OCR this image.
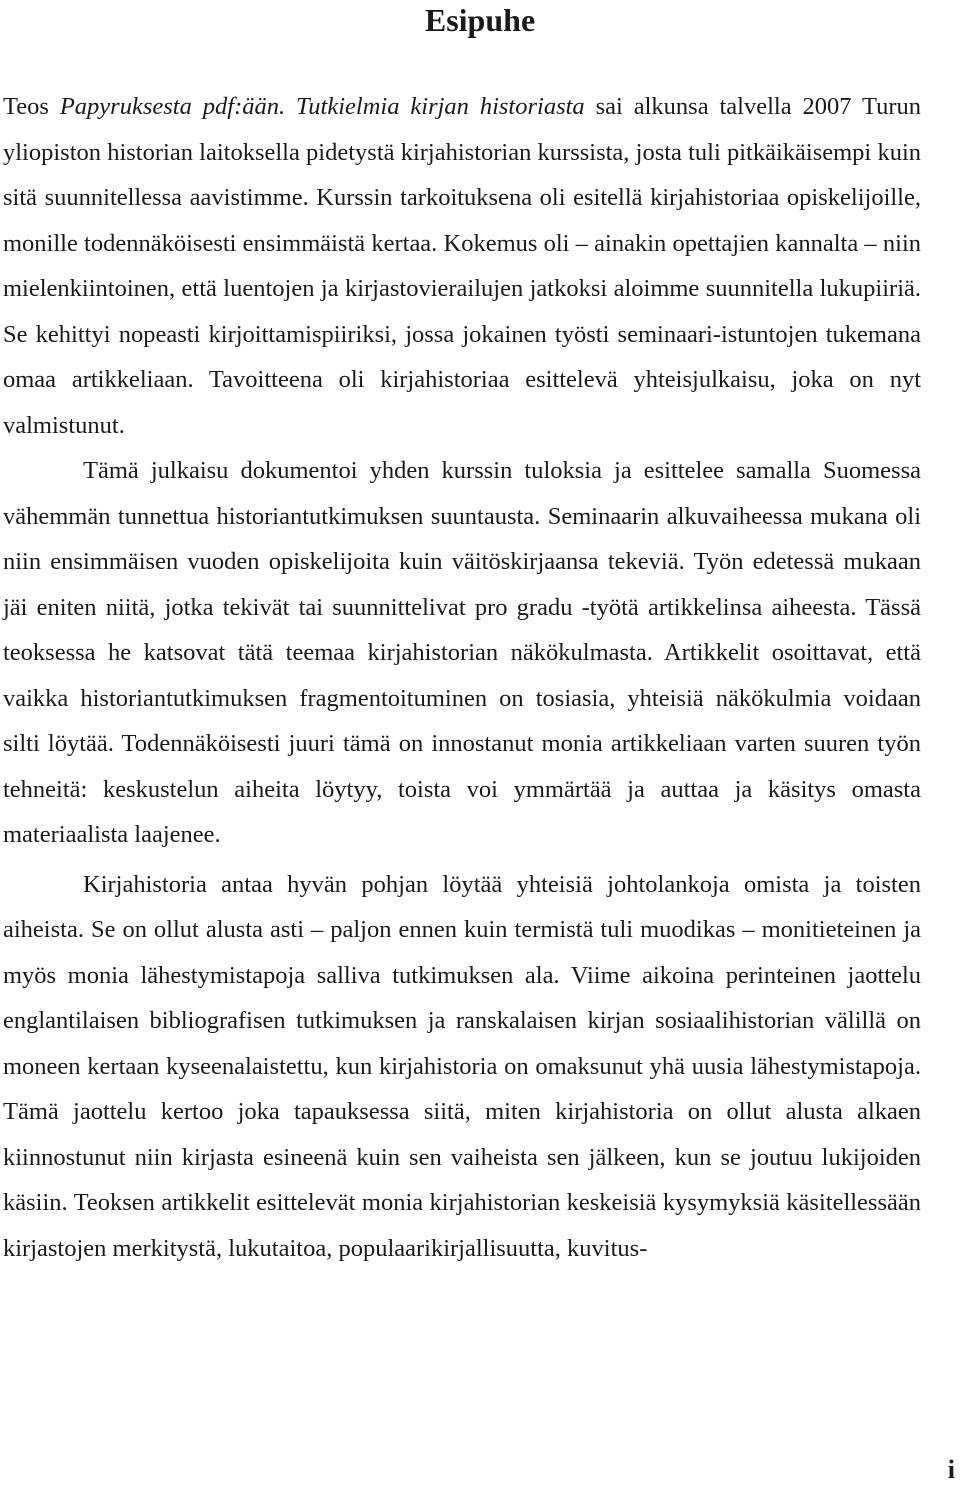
Esipuhe

Teos Papyruksesta pdf:ään. Tutkielmia kirjan historiasta sai alkunsa talvella 2007 Turun yliopiston historian laitoksella pidetystä kirjahistorian kurssista, josta tuli pitkäikäisempi kuin sitä suunnitellessa aavistimme. Kurssin tarkoituksena oli esitellä kirjahistoriaa opiskelijoille, monille todennäköisesti ensimmäistä kertaa. Kokemus oli – ainakin opettajien kannalta – niin mielenkiintoinen, että luentojen ja kirjastovierailujen jatkoksi aloimme suunnitella lukupiiriä. Se kehittyi nopeasti kirjoittamispiiriksi, jossa jokainen työsti seminaari-istuntojen tukemana omaa artikkeliaan. Tavoitteena oli kirjahistoriaa esittelevä yhteisjulkaisu, joka on nyt valmistunut.

Tämä julkaisu dokumentoi yhden kurssin tuloksia ja esittelee samalla Suomessa vähemmän tunnettua historiantutkimuksen suuntausta. Seminaarin alkuvaiheessa mukana oli niin ensimmäisen vuoden opiskelijoita kuin väitöskirjaansa tekeviä. Työn edetessä mukaan jäi eniten niitä, jotka tekivät tai suunnittelivat pro gradu -työtä artikkelinsa aiheesta. Tässä teoksessa he katsovat tätä teemaa kirjahistorian näkökulmasta. Artikkelit osoittavat, että vaikka historiantutkimuksen fragmentoituminen on tosiasia, yhteisiä näkökulmia voidaan silti löytää. Todennäköisesti juuri tämä on innostanut monia artikkeliaan varten suuren työn tehneitä: keskustelun aiheita löytyy, toista voi ymmärtää ja auttaa ja käsitys omasta materiaalista laajenee.

Kirjahistoria antaa hyvän pohjan löytää yhteisiä johtolankoja omista ja toisten aiheista. Se on ollut alusta asti – paljon ennen kuin termistä tuli muodikas – monitieteinen ja myös monia lähestymistapoja salliva tutkimuksen ala. Viime aikoina perinteinen jaottelu englantilaisen bibliografisen tutkimuksen ja ranskalaisen kirjan sosiaalihistorian välillä on moneen kertaan kyseenalaistettu, kun kirjahistoria on omaksunut yhä uusia lähestymistapoja. Tämä jaottelu kertoo joka tapauksessa siitä, miten kirjahistoria on ollut alusta alkaen kiinnostunut niin kirjasta esineenä kuin sen vaiheista sen jälkeen, kun se joutuu lukijoiden käsiin. Teoksen artikkelit esittelevät monia kirjahistorian keskeisiä kysymyksiä käsitellessään kirjastojen merkitystä, lukutaitoa, populaarikirjallisuutta, kuvitus-

i
